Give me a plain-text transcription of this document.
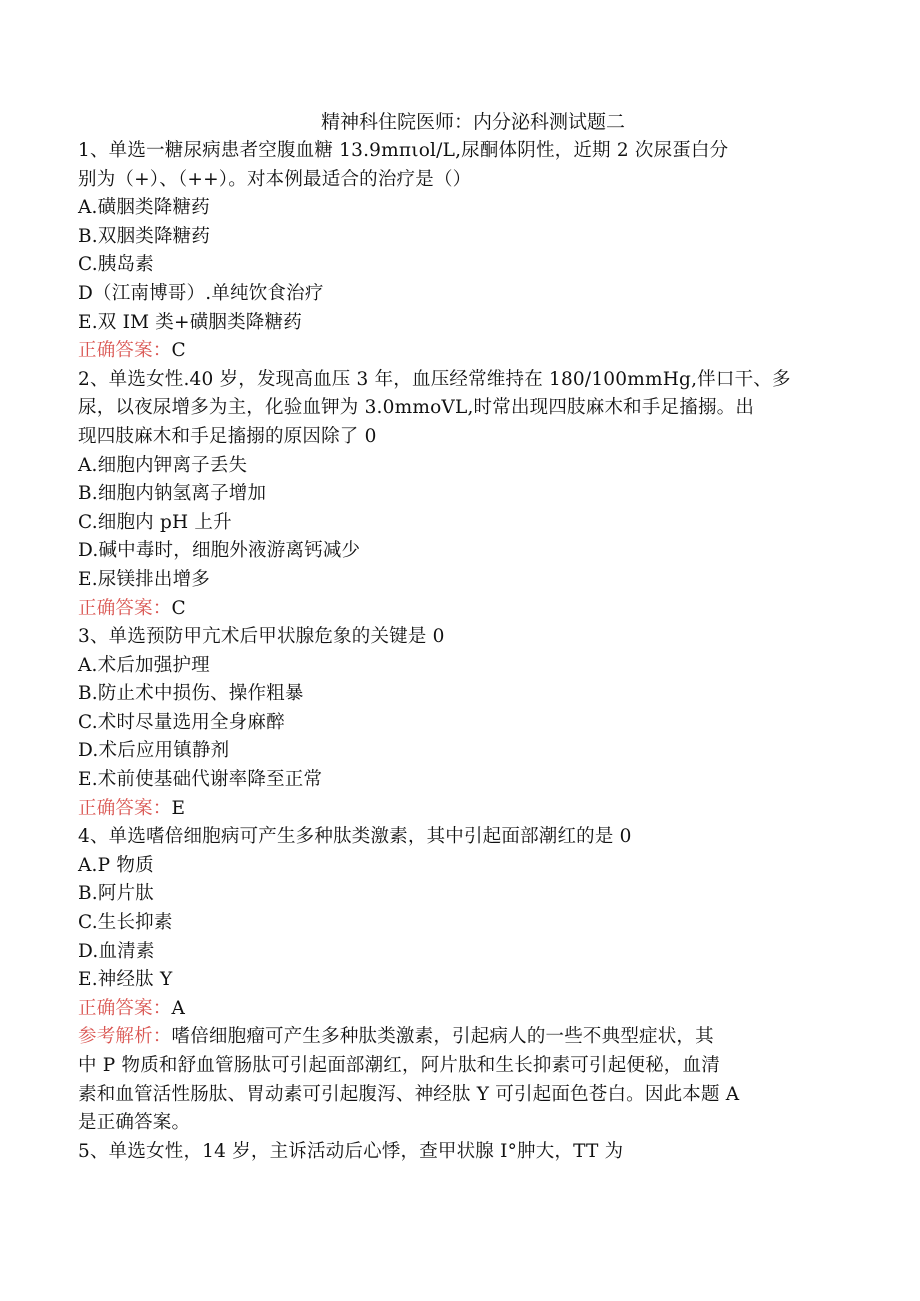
精神科住院医师：内分泌科测试题二
1、单选一糖尿病患者空腹血糖 13.9mπιol/L,尿酮体阴性，近期 2 次尿蛋白分
别为（+）、（++）。对本例最适合的治疗是（）
A.磺胭类降糖药
B.双胭类降糖药
C.胰岛素
D（江南博哥）.单纯饮食治疗
E.双 IM 类+磺胭类降糖药
正确答案：C
2、单选女性.40 岁，发现高血压 3 年，血压经常维持在 180/100mmHg,伴口干、多
尿，以夜尿增多为主，化验血钾为 3.0mmoVL,时常出现四肢麻木和手足搐搦。出
现四肢麻木和手足搐搦的原因除了 0
A.细胞内钾离子丢失
B.细胞内钠氢离子增加
C.细胞内 pH 上升
D.碱中毒时，细胞外液游离钙减少
E.尿镁排出增多
正确答案：C
3、单选预防甲亢术后甲状腺危象的关键是 0
A.术后加强护理
B.防止术中损伤、操作粗暴
C.术时尽量选用全身麻醉
D.术后应用镇静剂
E.术前使基础代谢率降至正常
正确答案：E
4、单选嗜倍细胞病可产生多种肽类激素，其中引起面部潮红的是 0
A.P 物质
B.阿片肽
C.生长抑素
D.血清素
E.神经肽 Y
正确答案：A
参考解析：嗜倍细胞瘤可产生多种肽类激素，引起病人的一些不典型症状，其
中 P 物质和舒血管肠肽可引起面部潮红，阿片肽和生长抑素可引起便秘，血清
素和血管活性肠肽、胃动素可引起腹泻、神经肽 Y 可引起面色苍白。因此本题 A
是正确答案。
5、单选女性，14 岁，主诉活动后心悸，查甲状腺 I°肿大，TT 为
